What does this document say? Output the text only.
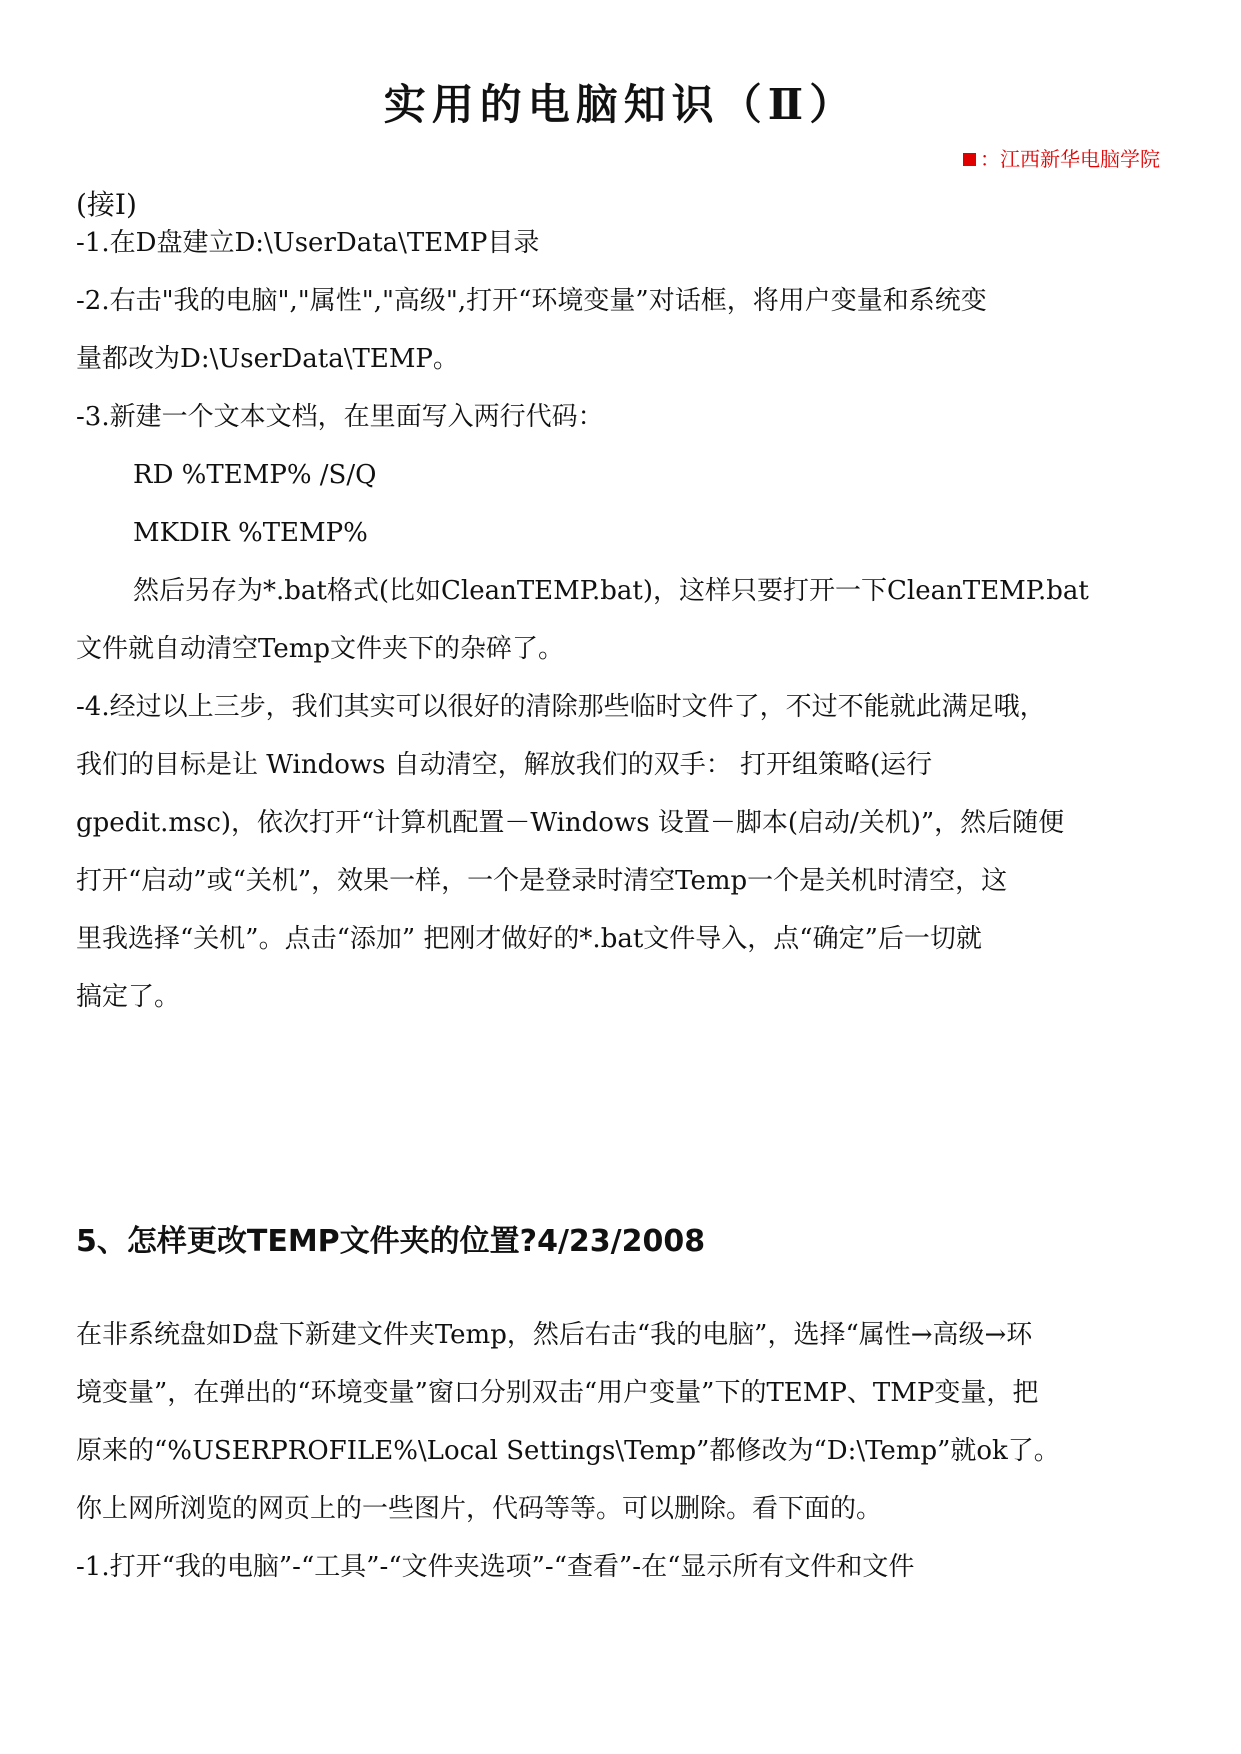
实用的电脑知识（Ⅱ）
：江西新华电脑学院
(接Ⅰ)
-1.在D盘建立D:\UserData\TEMP目录
-2.右击"我的电脑","属性","高级",打开“环境变量”对话框，将用户变量和系统变
量都改为D:\UserData\TEMP。
-3.新建一个文本文档，在里面写入两行代码：
RD %TEMP% /S/Q
MKDIR %TEMP%
然后另存为*.bat格式(比如CleanTEMP.bat)，这样只要打开一下CleanTEMP.bat
文件就自动清空Temp文件夹下的杂碎了。
-4.经过以上三步，我们其实可以很好的清除那些临时文件了，不过不能就此满足哦，
我们的目标是让 Windows 自动清空，解放我们的双手： 打开组策略(运行
gpedit.msc)，依次打开“计算机配置－Windows 设置－脚本(启动/关机)”，然后随便
打开“启动”或“关机”，效果一样，一个是登录时清空Temp一个是关机时清空，这
里我选择“关机”。点击“添加” 把刚才做好的*.bat文件导入，点“确定”后一切就
搞定了。
5、怎样更改TEMP文件夹的位置?4/23/2008
在非系统盘如D盘下新建文件夹Temp，然后右击“我的电脑”，选择“属性→高级→环
境变量”，在弹出的“环境变量”窗口分别双击“用户变量”下的TEMP、TMP变量，把
原来的“%USERPROFILE%\Local Settings\Temp”都修改为“D:\Temp”就ok了。
你上网所浏览的网页上的一些图片，代码等等。可以删除。看下面的。
-1.打开“我的电脑”-“工具”-“文件夹选项”-“查看”-在“显示所有文件和文件
